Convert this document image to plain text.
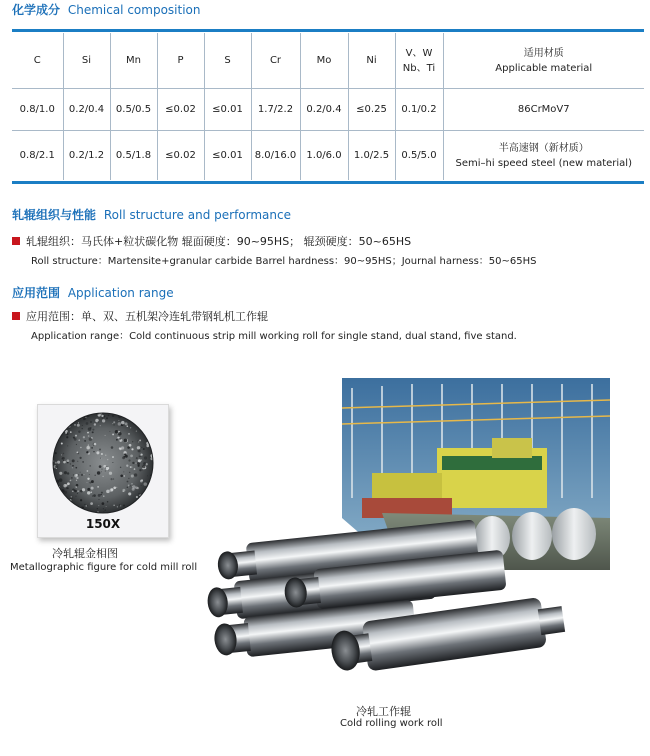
化学成分 Chemical composition
C	Si	Mn	P	S	Cr	Mo	Ni	V、W
Nb、Ti	适用材质
Applicable material

0.8/1.0	0.2/0.4	0.5/0.5	≤0.02	≤0.01	1.7/2.2	0.2/0.4	≤0.25	0.1/0.2	86CrMoV7

0.8/2.1	0.2/1.2	0.5/1.8	≤0.02	≤0.01	8.0/16.0	1.0/6.0	1.0/2.5	0.5/5.0	半高速钢（新材质）
Semi–hi speed steel (new material)
轧辊组织与性能 Roll structure and performance
轧辊组织：马氏体+粒状碳化物 辊面硬度：90~95HS； 辊颈硬度：50~65HS
Roll structure：Martensite+granular carbide Barrel hardness：90~95HS；Journal harness：50~65HS
应用范围 Application range
应用范围：单、双、五机架冷连轧带钢轧机工作辊
Application range：Cold continuous strip mill working roll for single stand, dual stand, five stand.
150X
冷轧辊金相图
Metallographic figure for cold mill roll
冷轧工作辊
Cold rolling work roll
